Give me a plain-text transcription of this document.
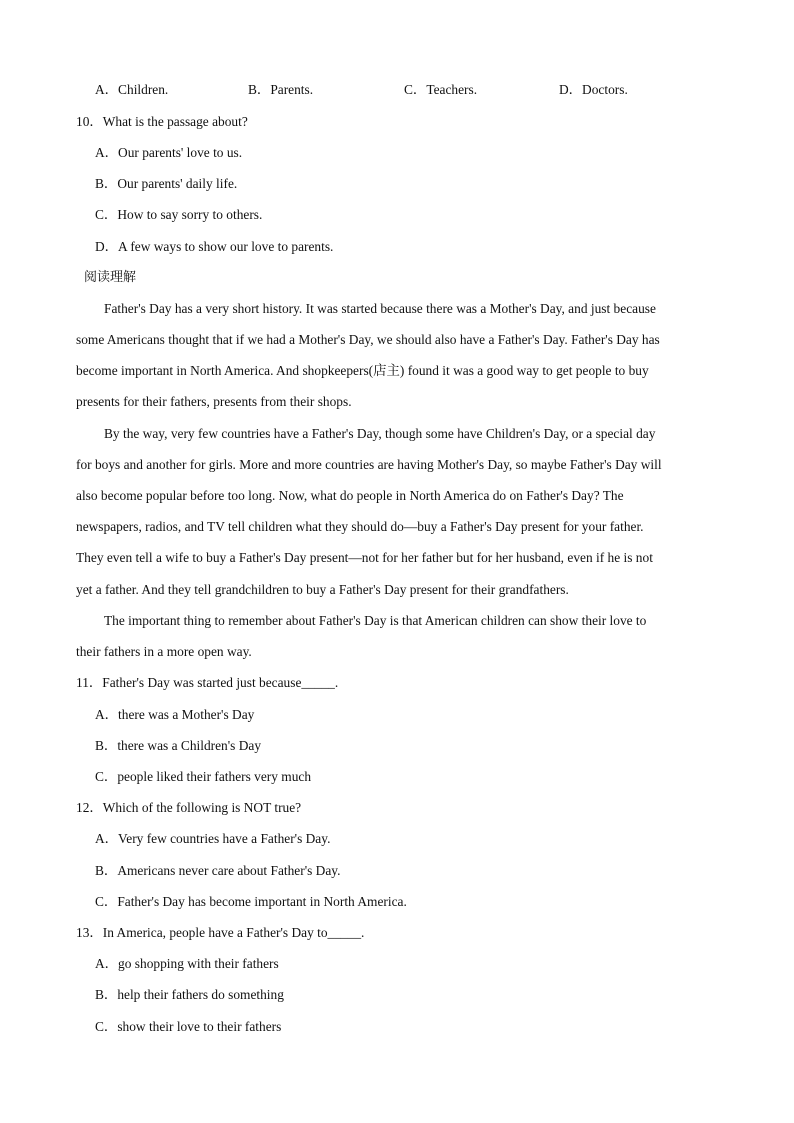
A．Children.	B．Parents.	C．Teachers.	D．Doctors.
10．What is the passage about?
A．Our parents' love to us.
B．Our parents' daily life.
C．How to say sorry to others.
D．A few ways to show our love to parents.
阅读理解
Father's Day has a very short history. It was started because there was a Mother's Day, and just because
some Americans thought that if we had a Mother's Day, we should also have a Father's Day. Father's Day has
become important in North America. And shopkeepers(店主) found it was a good way to get people to buy
presents for their fathers, presents from their shops.
By the way, very few countries have a Father's Day, though some have Children's Day, or a special day
for boys and another for girls. More and more countries are having Mother's Day, so maybe Father's Day will
also become popular before too long. Now, what do people in North America do on Father's Day? The
newspapers, radios, and TV tell children what they should do—buy a Father's Day present for your father.
They even tell a wife to buy a Father's Day present—not for her father but for her husband, even if he is not
yet a father. And they tell grandchildren to buy a Father's Day present for their grandfathers.
The important thing to remember about Father's Day is that American children can show their love to
their fathers in a more open way.
11．Father's Day was started just because_____.
A．there was a Mother's Day
B．there was a Children's Day
C．people liked their fathers very much
12．Which of the following is NOT true?
A．Very few countries have a Father's Day.
B．Americans never care about Father's Day.
C．Father's Day has become important in North America.
13．In America, people have a Father's Day to_____.
A．go shopping with their fathers
B．help their fathers do something
C．show their love to their fathers
